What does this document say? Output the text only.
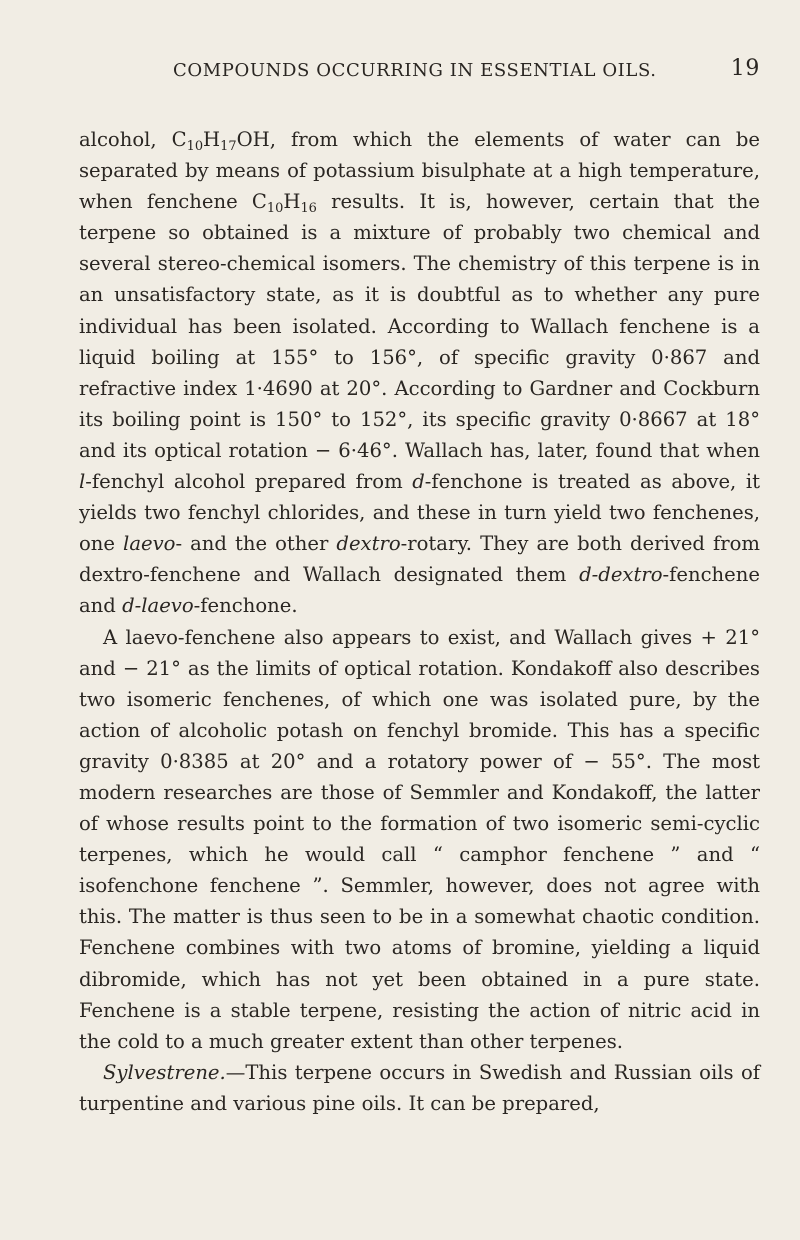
COMPOUNDS OCCURRING IN ESSENTIAL OILS.	19

alcohol, $C_{10}H_{17}OH$, from which the elements of water can be separated by means of potassium bisulphate at a high temperature, when fenchene $C_{10}H_{16}$ results. It is, however, certain that the terpene so obtained is a mixture of probably two chemical and several stereo-chemical isomers. The chemistry of this terpene is in an unsatisfactory state, as it is doubtful as to whether any pure individual has been isolated. According to Wallach fenchene is a liquid boiling at 155° to 156°, of specific gravity 0·867 and refractive index 1·4690 at 20°. According to Gardner and Cockburn its boiling point is 150° to 152°, its specific gravity 0·8667 at 18° and its optical rotation − 6·46°. Wallach has, later, found that when l-fenchyl alcohol prepared from d-fenchone is treated as above, it yields two fenchyl chlorides, and these in turn yield two fenchenes, one laevo- and the other dextro-rotary. They are both derived from dextro-fenchene and Wallach designated them d-dextro-fenchene and d-laevo-fenchone.

A laevo-fenchene also appears to exist, and Wallach gives + 21° and − 21° as the limits of optical rotation. Kondakoff also describes two isomeric fenchenes, of which one was isolated pure, by the action of alcoholic potash on fenchyl bromide. This has a specific gravity 0·8385 at 20° and a rotatory power of − 55°. The most modern researches are those of Semmler and Kondakoff, the latter of whose results point to the formation of two isomeric semi-cyclic terpenes, which he would call “ camphor fenchene ” and “ isofenchone fenchene ”. Semmler, however, does not agree with this. The matter is thus seen to be in a somewhat chaotic condition. Fenchene combines with two atoms of bromine, yielding a liquid dibromide, which has not yet been obtained in a pure state. Fenchene is a stable terpene, resisting the action of nitric acid in the cold to a much greater extent than other terpenes.

Sylvestrene.—This terpene occurs in Swedish and Russian oils of turpentine and various pine oils. It can be prepared,
